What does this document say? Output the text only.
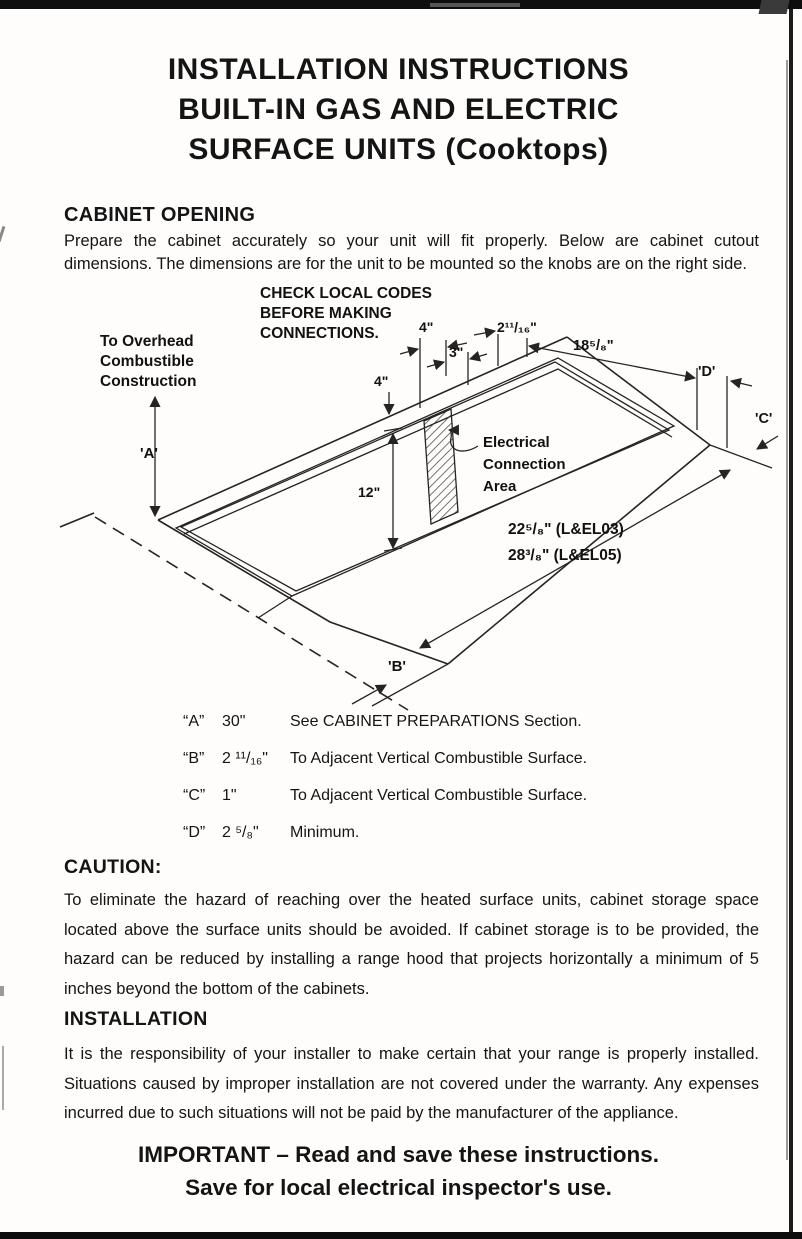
INSTALLATION INSTRUCTIONS
BUILT-IN GAS AND ELECTRIC
SURFACE UNITS (Cooktops)
CABINET OPENING
Prepare the cabinet accurately so your unit will fit properly. Below are cabinet cutout dimensions. The dimensions are for the unit to be mounted so the knobs are on the right side.
CHECK LOCAL CODES
BEFORE MAKING
CONNECTIONS.
To Overhead
Combustible
Construction
'A'
4"
3"
2¹¹/₁₆"
18⁵/₈"
'D'
'C'
4"
12"
Electrical
Connection
Area
22⁵/₈" (L&EL03)
28³/₈" (L&EL05)
'B'
“A” 30"	See CABINET PREPARATIONS Section.
“B” 2 ¹¹/₁₆" To Adjacent Vertical Combustible Surface.
“C” 1"	To Adjacent Vertical Combustible Surface.
“D” 2 ⁵/₈" Minimum.
CAUTION:
To eliminate the hazard of reaching over the heated surface units, cabinet storage space located above the surface units should be avoided. If cabinet storage is to be provided, the hazard can be reduced by installing a range hood that projects horizontally a minimum of 5 inches beyond the bottom of the cabinets.
INSTALLATION
It is the responsibility of your installer to make certain that your range is properly installed. Situations caused by improper installation are not covered under the warranty. Any expenses incurred due to such situations will not be paid by the manufacturer of the appliance.
IMPORTANT – Read and save these instructions.
Save for local electrical inspector's use.
